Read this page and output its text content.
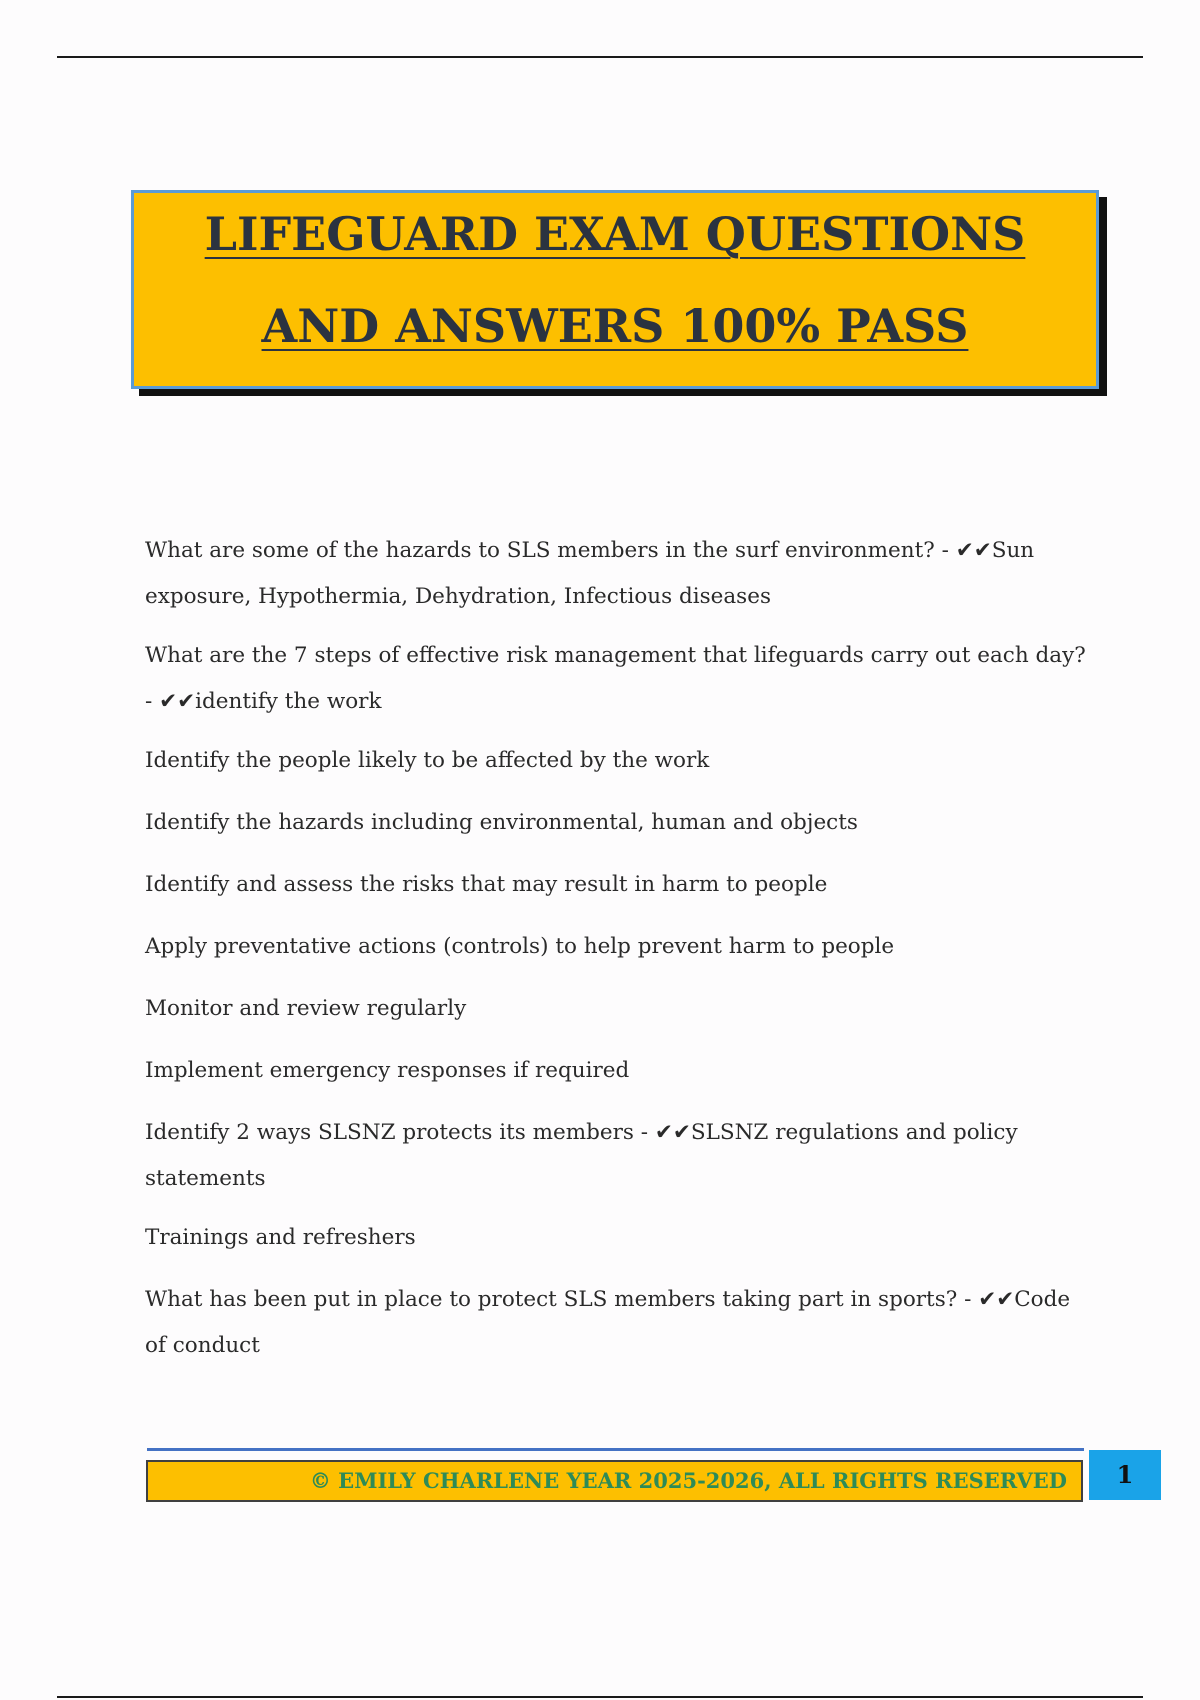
LIFEGUARD EXAM QUESTIONS
AND ANSWERS 100% PASS

What are some of the hazards to SLS members in the surf environment? - ✔✔Sun exposure, Hypothermia, Dehydration, Infectious diseases

What are the 7 steps of effective risk management that lifeguards carry out each day? - ✔✔identify the work

Identify the people likely to be affected by the work

Identify the hazards including environmental, human and objects

Identify and assess the risks that may result in harm to people

Apply preventative actions (controls) to help prevent harm to people

Monitor and review regularly

Implement emergency responses if required

Identify 2 ways SLSNZ protects its members - ✔✔SLSNZ regulations and policy statements

Trainings and refreshers

What has been put in place to protect SLS members taking part in sports? - ✔✔Code of conduct

© EMILY CHARLENE YEAR 2025-2026, ALL RIGHTS RESERVED	1
